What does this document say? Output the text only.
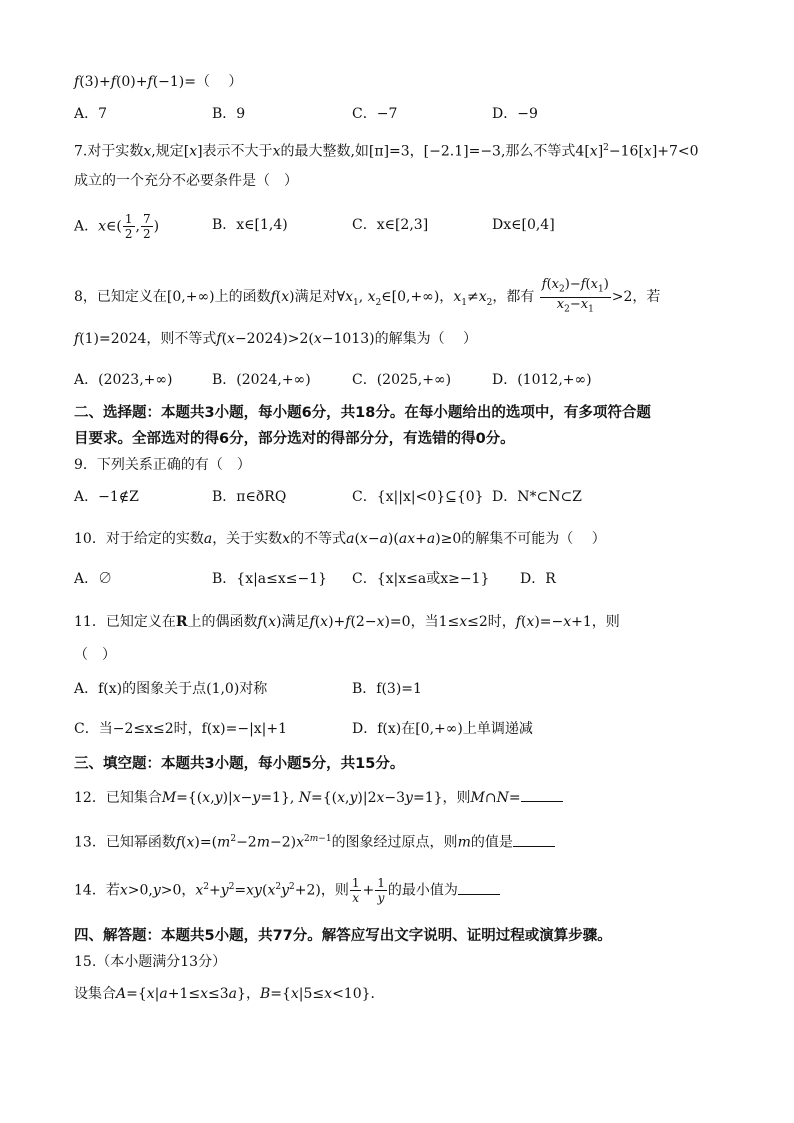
f(3)+f(0)+f(−1)=（　 ）
A．7	B．9	C．−7	D．−9
7.对于实数x,规定[x]表示不大于x的最大整数,如[π]=3，[−2.1]=−3,那么不等式$4[x]^2-16[x]+7<0$
成立的一个充分不必要条件是（　）
A．x∈( $\frac{1}{2}$ , $\frac{7}{2}$ )	B．x∈[1,4)	C．x∈[2,3]	Dx∈[0,4]
8，已知定义在[0,+∞)上的函数f(x)满足对$\forall x_1$, $x_2\in[0,+\infty)$，$x_1\ne x_2$，都有 $\frac{f(x_2)-f(x_1)}{x_2-x_1} >2$，若
f(1)=2024，则不等式f(x−2024)>2(x−1013)的解集为（　 ）
A．(2023,+∞)	B．(2024,+∞)	C．(2025,+∞)	D．(1012,+∞)
二、选择题：本题共3小题，每小题6分，共18分。在每小题给出的选项中，有多项符合题
目要求。全部选对的得6分，部分选对的得部分分，有选错的得0分。
9．下列关系正确的有（　）
A．−1∉Z	B．π∈ðRQ	C．{x||x|<0}⊆{0} D．N*⊂N⊂Z
10．对于给定的实数a，关于实数x的不等式a(x−a)(ax+a)≥0的解集不可能为（　 ）
A．∅	B．{x|a≤x≤−1} C．{x|x≤a或x≥−1} D．R
11．已知定义在R上的偶函数f(x)满足f(x)+f(2−x)=0，当1≤x≤2时，f(x)=−x+1，则
（　）
A．f(x)的图象关于点(1,0)对称	B．f(3)=1
C．当−2≤x≤2时，f(x)=−|x|+1	D．f(x)在[0,+∞)上单调递减
三、填空题：本题共3小题，每小题5分，共15分。
12．已知集合M={(x,y)|x−y=1}, N={(x,y)|2x−3y=1}，则M∩N=
13．已知幂函数$f(x)=(m^2-2m-2)x^{2m-1}$的图象经过原点，则m的值是
14．若x>0,y>0，$x^2+y^2=xy(x^2y^2+2)$，则 $\frac{1}{x} + \frac{1}{y}$ 的最小值为
四、解答题：本题共5小题，共77分。解答应写出文字说明、证明过程或演算步骤。
15.（本小题满分13分）
设集合A={x|a+1≤x≤3a}，B={x|5≤x<10}．
